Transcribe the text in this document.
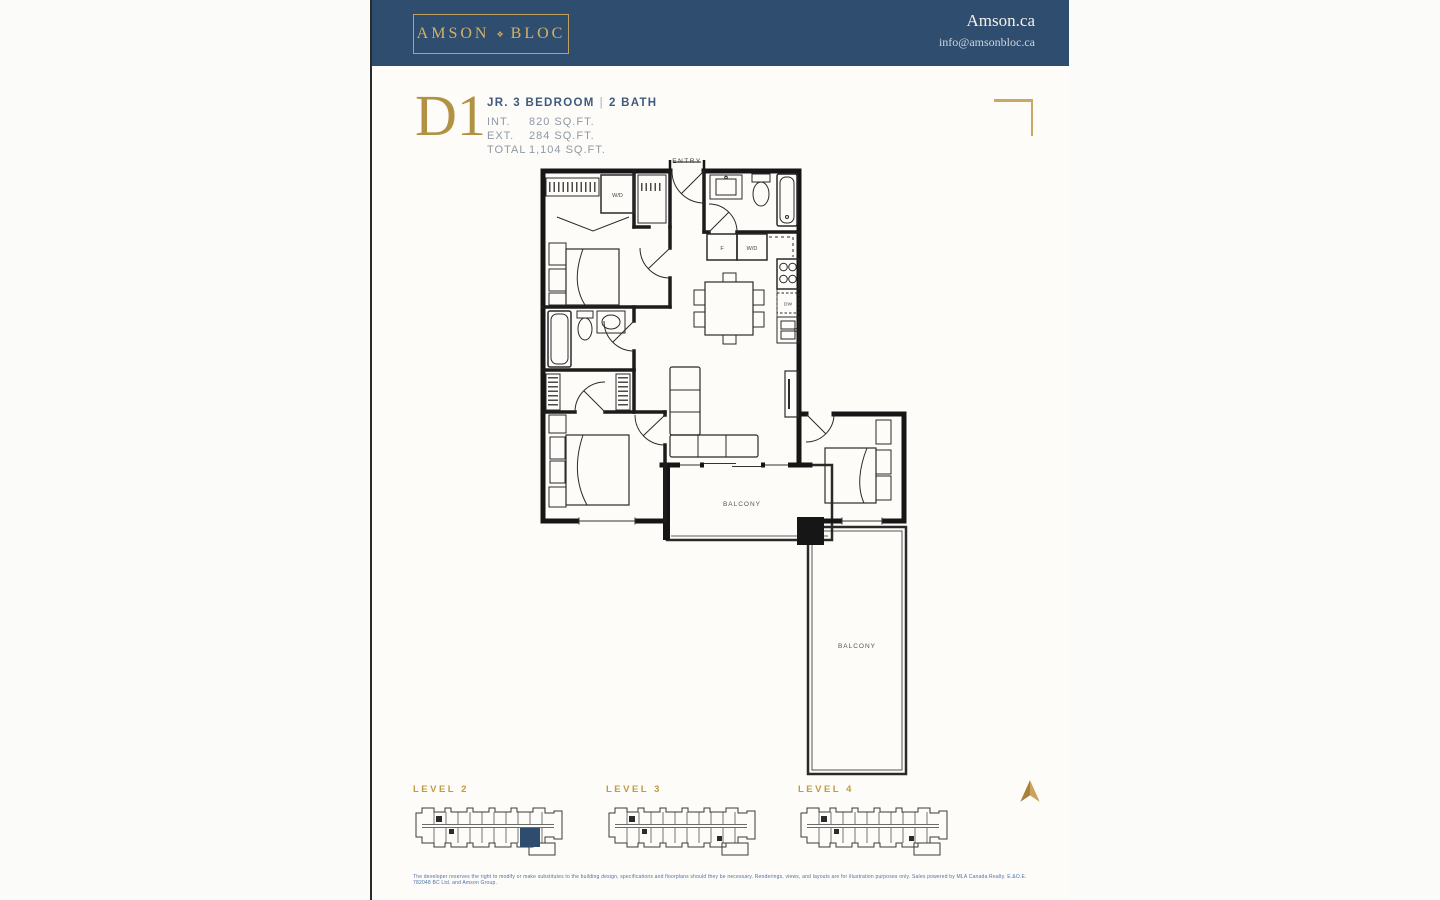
AMSON ❖ BLOC
Amson.ca
info@amsonbloc.ca
D1 JR. 3 BEDROOM | 2 BATH
INT. 820 SQ.FT.
EXT. 284 SQ.FT.
TOTAL 1,104 SQ.FT.
ENTRY
F	W/D
W/D
DW
BALCONY
BALCONY
LEVEL 2	LEVEL 3	LEVEL 4
The developer reserves the right to modify or make substitutes to the building design, specifications and floorplans should they be necessary. Renderings, views, and layouts are for illustration purposes only. Sales powered by MLA Canada Realty. E.&O.E. 782048 BC Ltd. and Amson Group.
